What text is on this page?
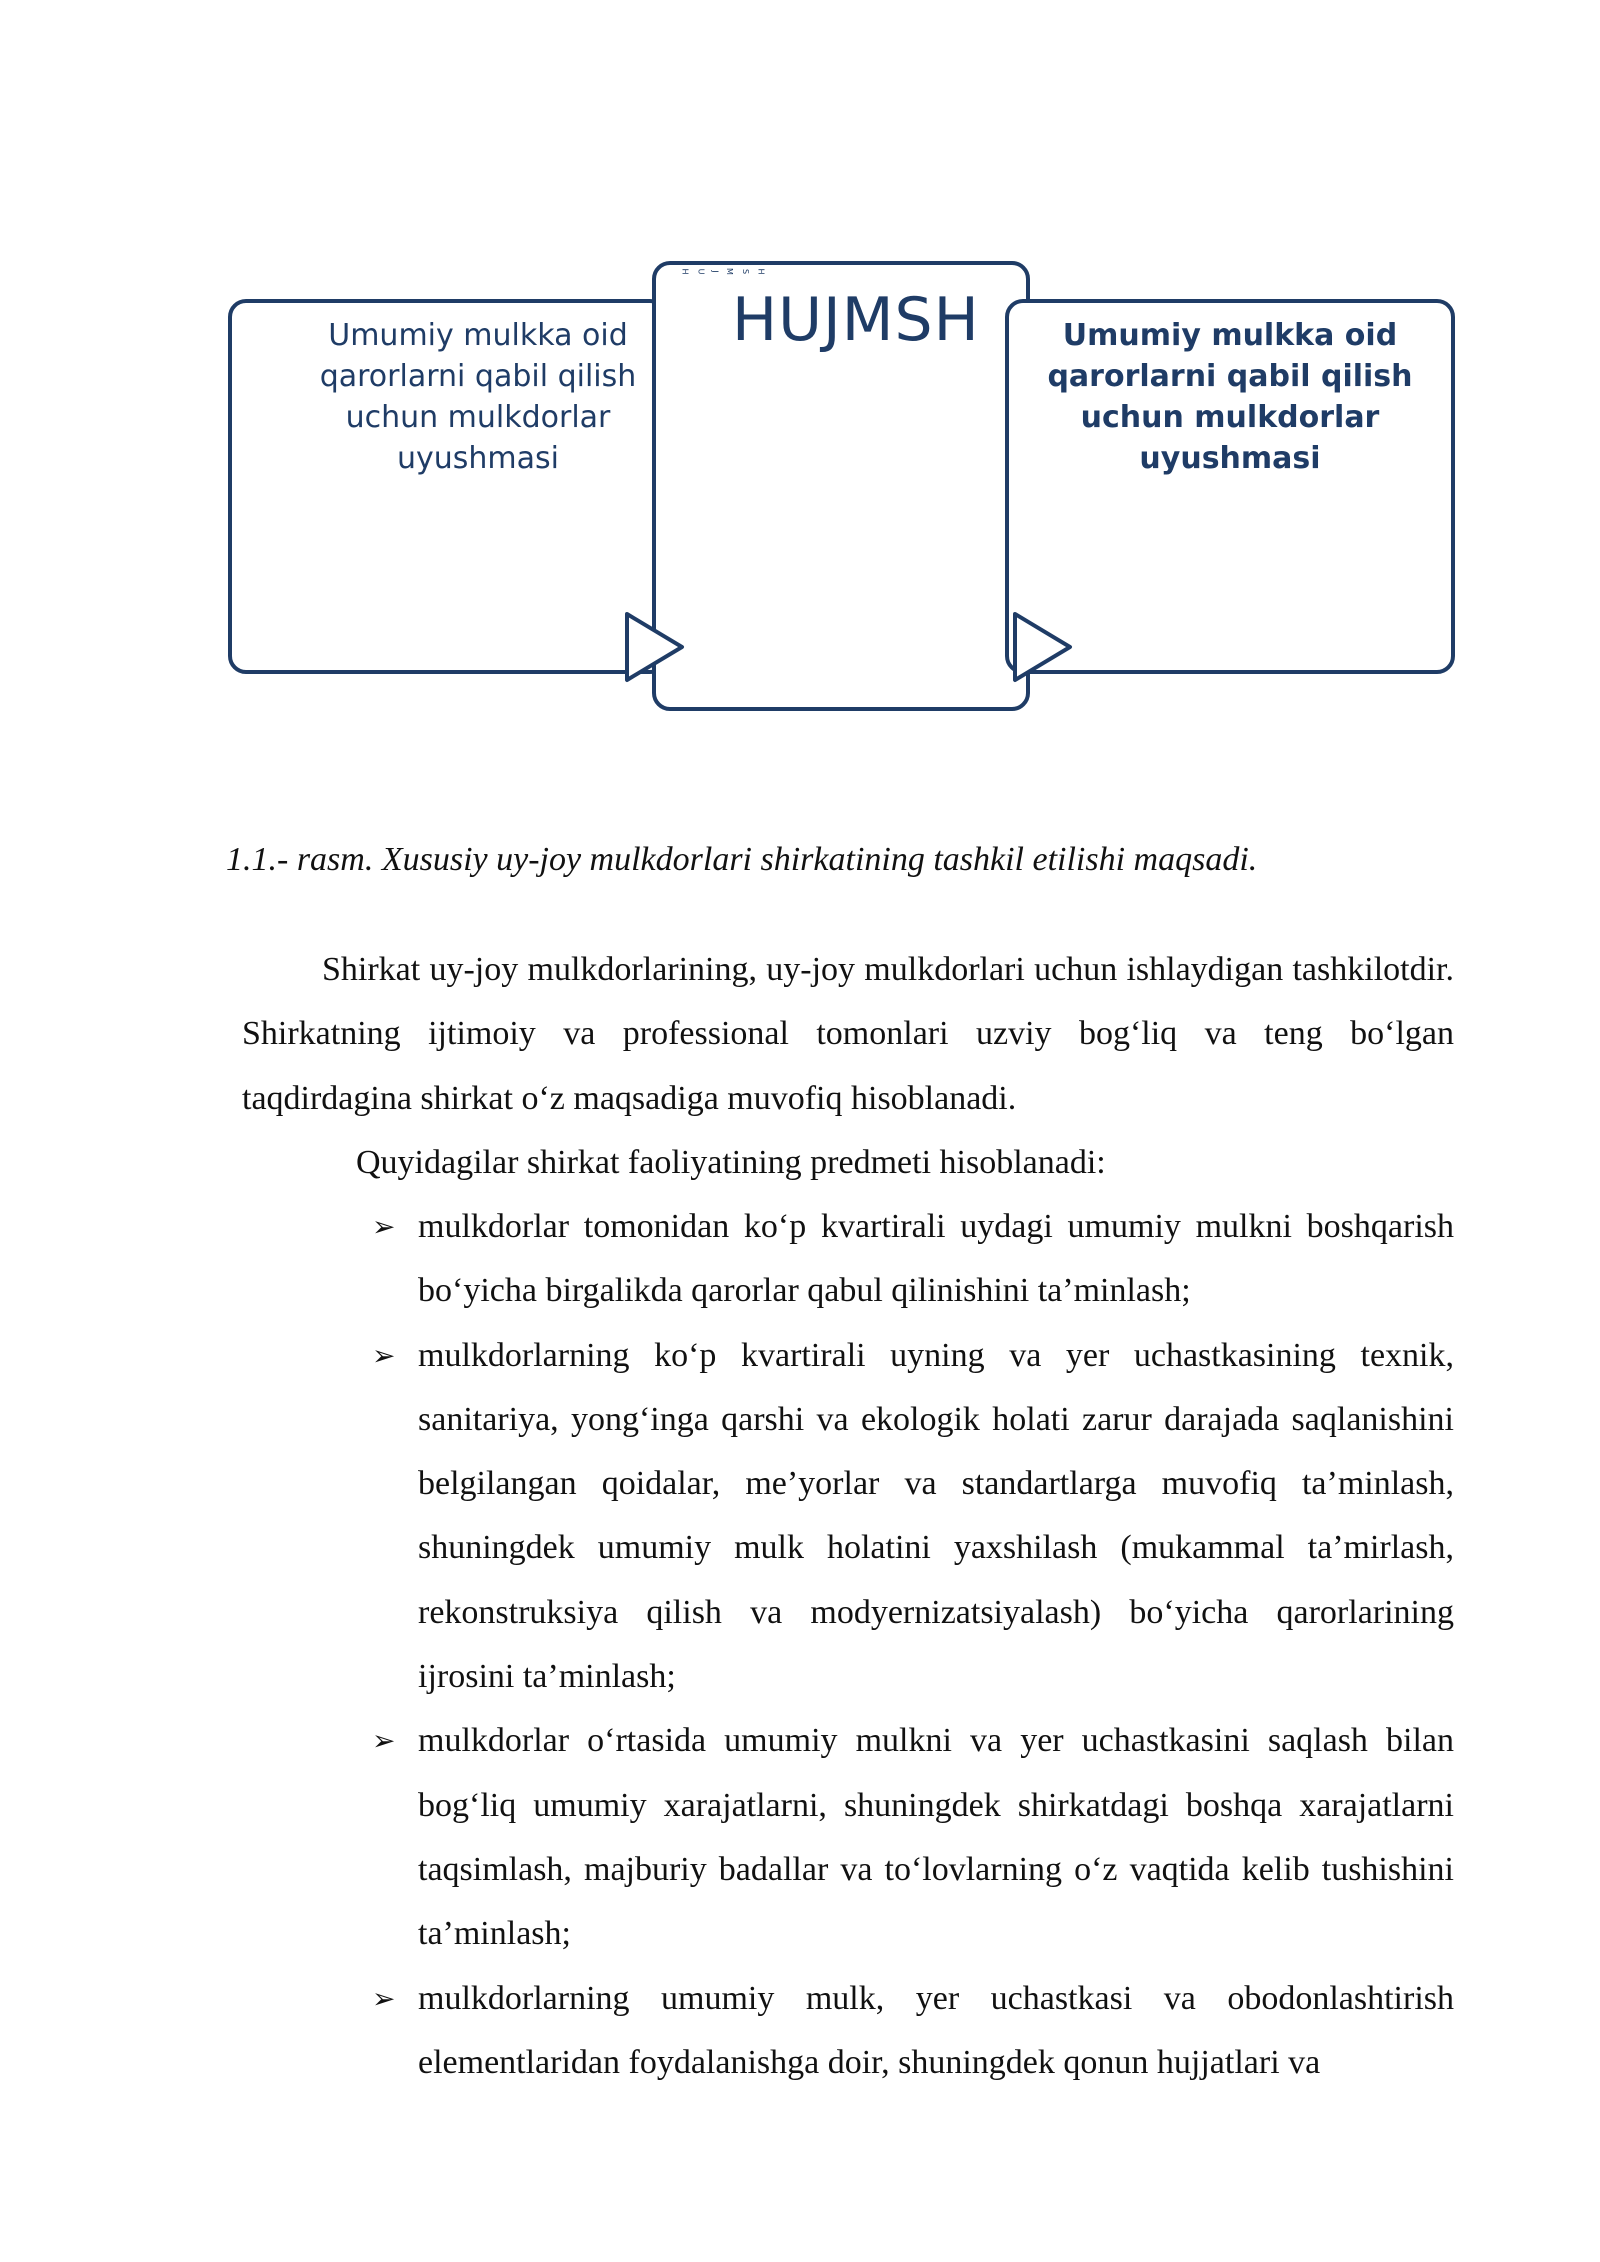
Umumiy mulkka oid
qarorlarni qabil qilish
uchun mulkdorlar
uyushmasi
H U J M S H
HUJMSH	Umumiy mulkka oid
qarorlarni qabil qilish
uchun mulkdorlar
uyushmasi
1.1.- rasm. Xususiy uy-joy mulkdorlari shirkatining tashkil etilishi maqsadi.

Shirkat uy-joy mulkdorlarining, uy-joy mulkdorlari uchun ishlaydigan tashkilotdir. Shirkatning ijtimoiy va professional tomonlari uzviy bog‘liq va teng bo‘lgan taqdirdagina shirkat o‘z maqsadiga muvofiq hisoblanadi.

Quyidagilar shirkat faoliyatining predmeti hisoblanadi:

➢ mulkdorlar tomonidan ko‘p kvartirali uydagi umumiy mulkni boshqarish bo‘yicha birgalikda qarorlar qabul qilinishini ta’minlash;
➢ mulkdorlarning ko‘p kvartirali uyning va yer uchastkasining texnik, sanitariya, yong‘inga qarshi va ekologik holati zarur darajada saqlanishini belgilangan qoidalar, me’yorlar va standartlarga muvofiq ta’minlash, shuningdek umumiy mulk holatini yaxshilash (mukammal ta’mirlash, rekonstruksiya qilish va modyernizatsiyalash) bo‘yicha qarorlarining ijrosini ta’minlash;
➢ mulkdorlar o‘rtasida umumiy mulkni va yer uchastkasini saqlash bilan bog‘liq umumiy xarajatlarni, shuningdek shirkatdagi boshqa xarajatlarni taqsimlash, majburiy badallar va to‘lovlarning o‘z vaqtida kelib tushishini ta’minlash;
➢ mulkdorlarning umumiy mulk, yer uchastkasi va obodonlashtirish elementlaridan foydalanishga doir, shuningdek qonun hujjatlari va
